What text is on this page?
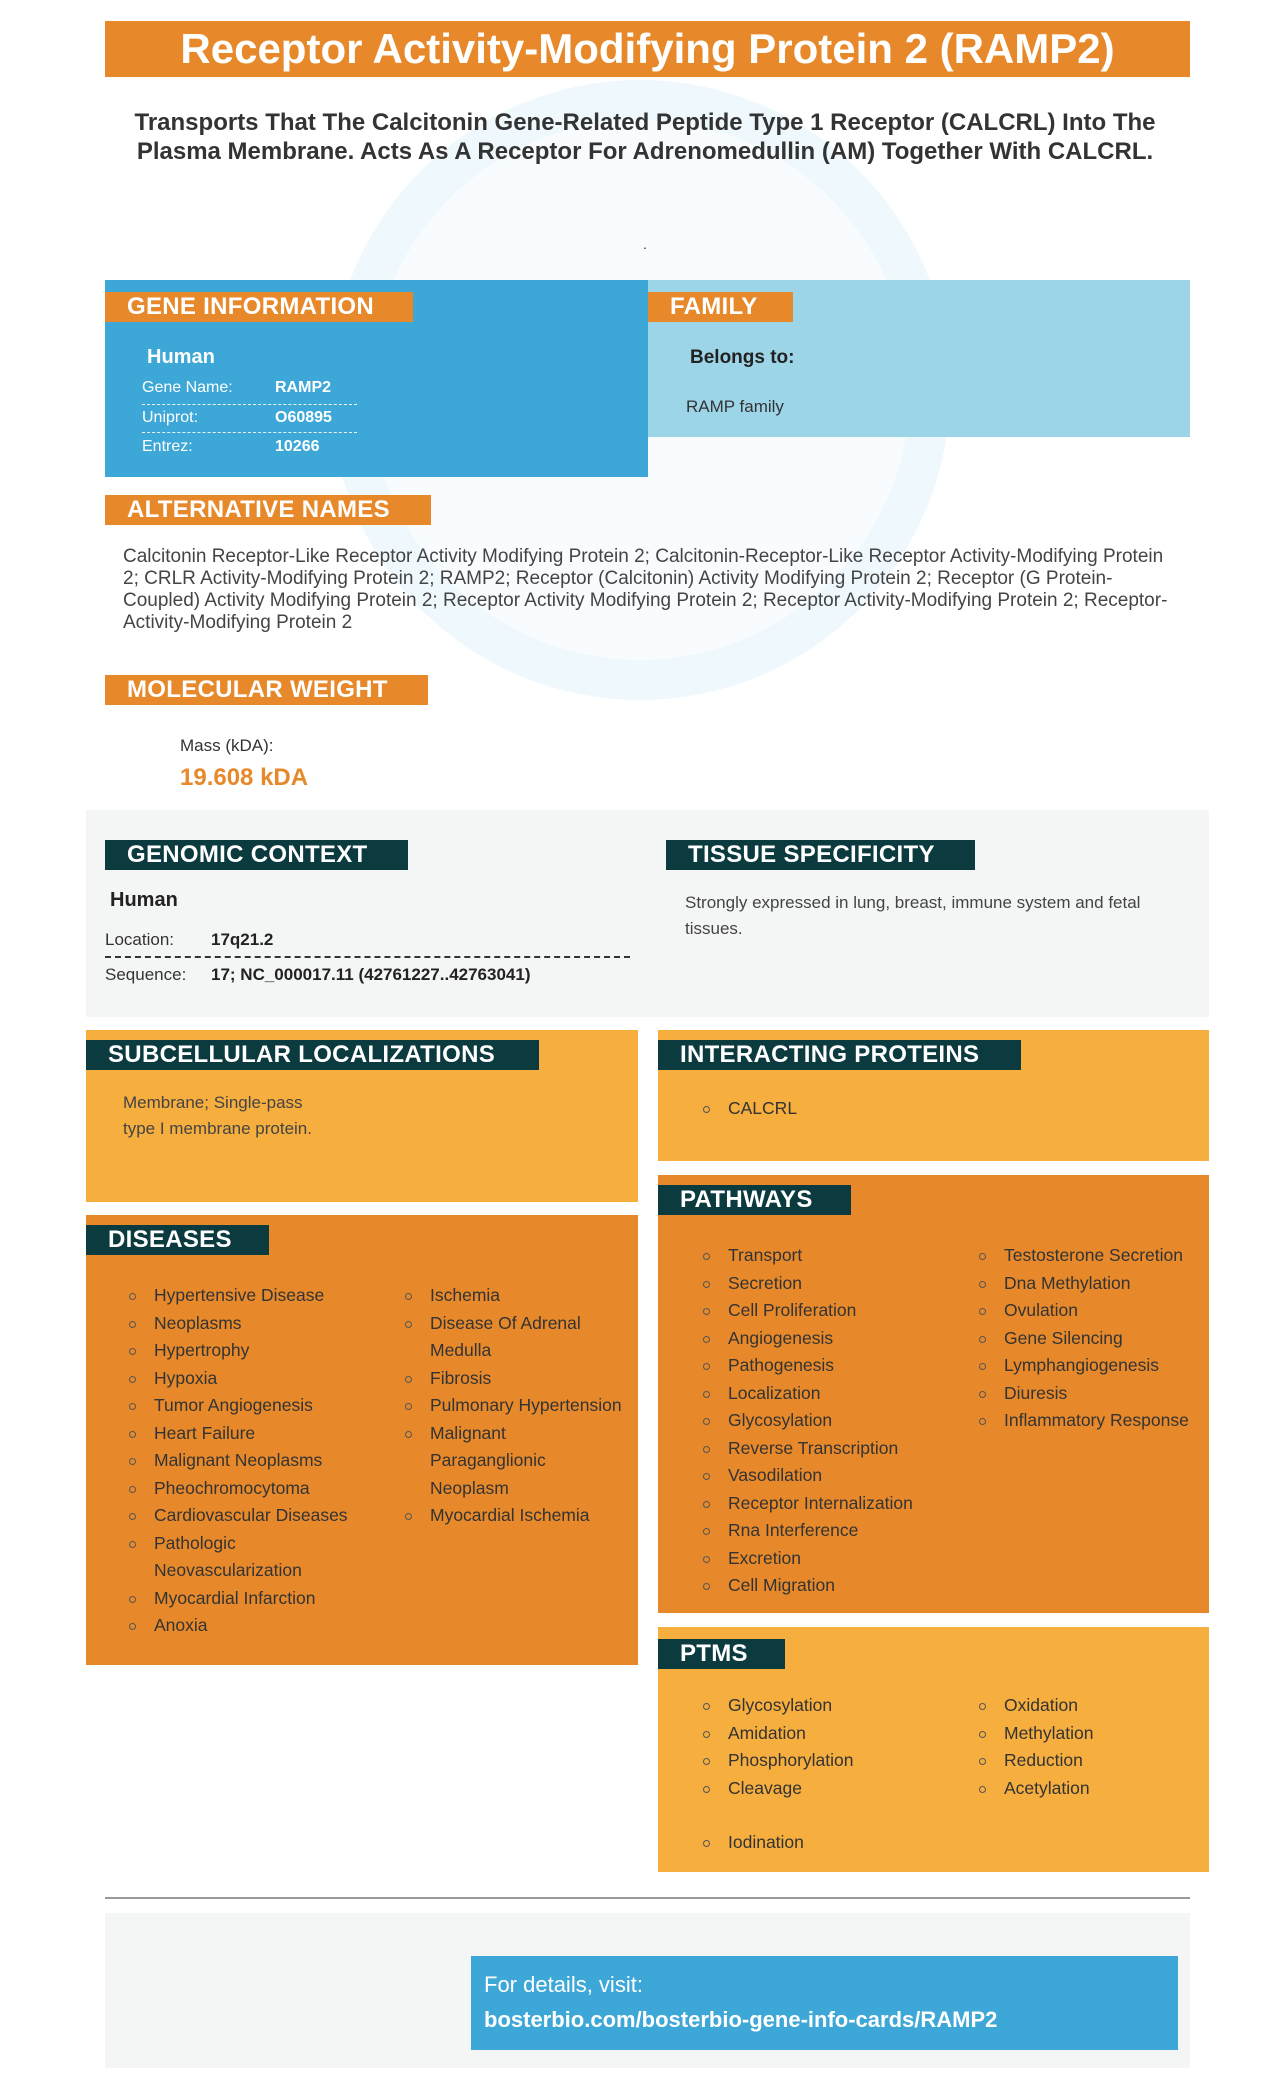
Receptor Activity-Modifying Protein 2 (RAMP2)
Transports That The Calcitonin Gene-Related Peptide Type 1 Receptor (CALCRL) Into The Plasma Membrane. Acts As A Receptor For Adrenomedullin (AM) Together With CALCRL.
.
GENE INFORMATION
Human
Gene Name:	RAMP2
Uniprot:	O60895
Entrez:	10266
FAMILY
Belongs to:
RAMP family
ALTERNATIVE NAMES
Calcitonin Receptor-Like Receptor Activity Modifying Protein 2; Calcitonin-Receptor-Like Receptor Activity-Modifying Protein 2; CRLR Activity-Modifying Protein 2; RAMP2; Receptor (Calcitonin) Activity Modifying Protein 2; Receptor (G Protein-Coupled) Activity Modifying Protein 2; Receptor Activity Modifying Protein 2; Receptor Activity-Modifying Protein 2; Receptor-Activity-Modifying Protein 2
MOLECULAR WEIGHT
Mass (kDA):
19.608 kDA
GENOMIC CONTEXT
Human
Location: 17q21.2
Sequence: 17; NC_000017.11 (42761227..42763041)
TISSUE SPECIFICITY
Strongly expressed in lung, breast, immune system and fetal tissues.
SUBCELLULAR LOCALIZATIONS
Membrane; Single-pass type I membrane protein.
INTERACTING PROTEINS
CALCRL
DISEASES
Hypertensive Disease
Neoplasms
Hypertrophy
Hypoxia
Tumor Angiogenesis
Heart Failure
Malignant Neoplasms
Pheochromocytoma
Cardiovascular Diseases
Pathologic Neovascularization
Myocardial Infarction
Anoxia
Ischemia
Disease Of Adrenal Medulla
Fibrosis
Pulmonary Hypertension
Malignant Paraganglionic Neoplasm
Myocardial Ischemia
PATHWAYS
Transport
Secretion
Cell Proliferation
Angiogenesis
Pathogenesis
Localization
Glycosylation
Reverse Transcription
Vasodilation
Receptor Internalization
Rna Interference
Excretion
Cell Migration
Testosterone Secretion
Dna Methylation
Ovulation
Gene Silencing
Lymphangiogenesis
Diuresis
Inflammatory Response
PTMS
Glycosylation
Amidation
Phosphorylation
Cleavage
Oxidation
Methylation
Reduction
Acetylation
Iodination
For details, visit:
bosterbio.com/bosterbio-gene-info-cards/RAMP2
